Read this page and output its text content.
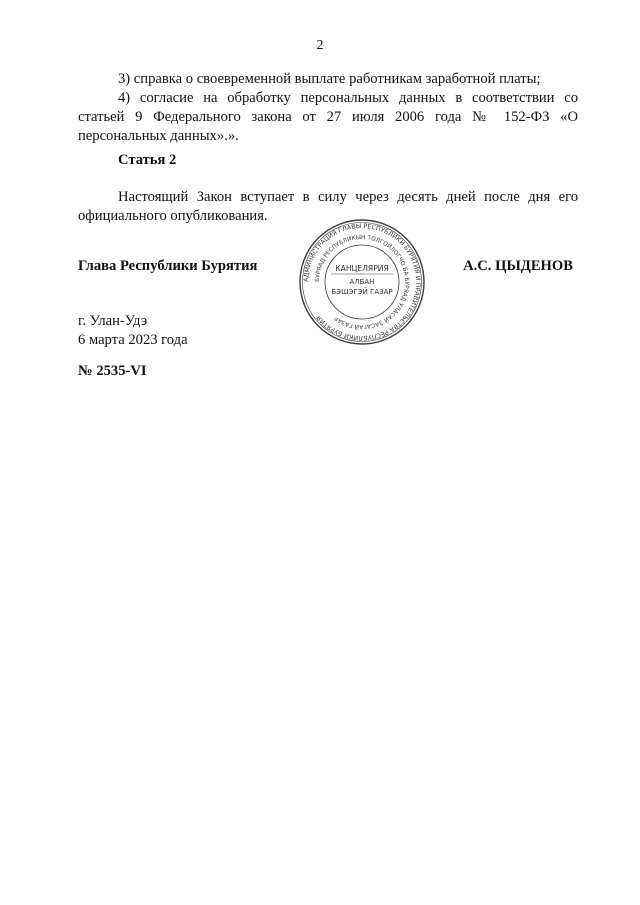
2

3) справка о своевременной выплате работникам заработной платы;

4) согласие на обработку персональных данных в соответствии со статьей 9 Федерального закона от 27 июля 2006 года № 152-ФЗ «О персональных данных».».

Статья 2

Настоящий Закон вступает в силу через десять дней после дня его официального опубликования.

Глава Республики Бурятия	А.С. ЦЫДЕНОВ
АДМИНИСТРАЦИЯ ГЛАВЫ РЕСПУБЛИКИ БУРЯТИЯ И ПРАВИТЕЛЬСТВА РЕСПУБЛИКИ БУРЯТИЯ
БУРЯАД РЕСПУБЛИКЫН ТОЛГОЙЛОГЧО БА БУРЯАД УЛАСАЙ ЗАСАГАЙ ГАЗАР
КАНЦЕЛЯРИЯ
АЛБАН
БЭШЭГЭЙ ГАЗАР
г. Улан-Удэ
6 марта 2023 года
№ 2535-VI
